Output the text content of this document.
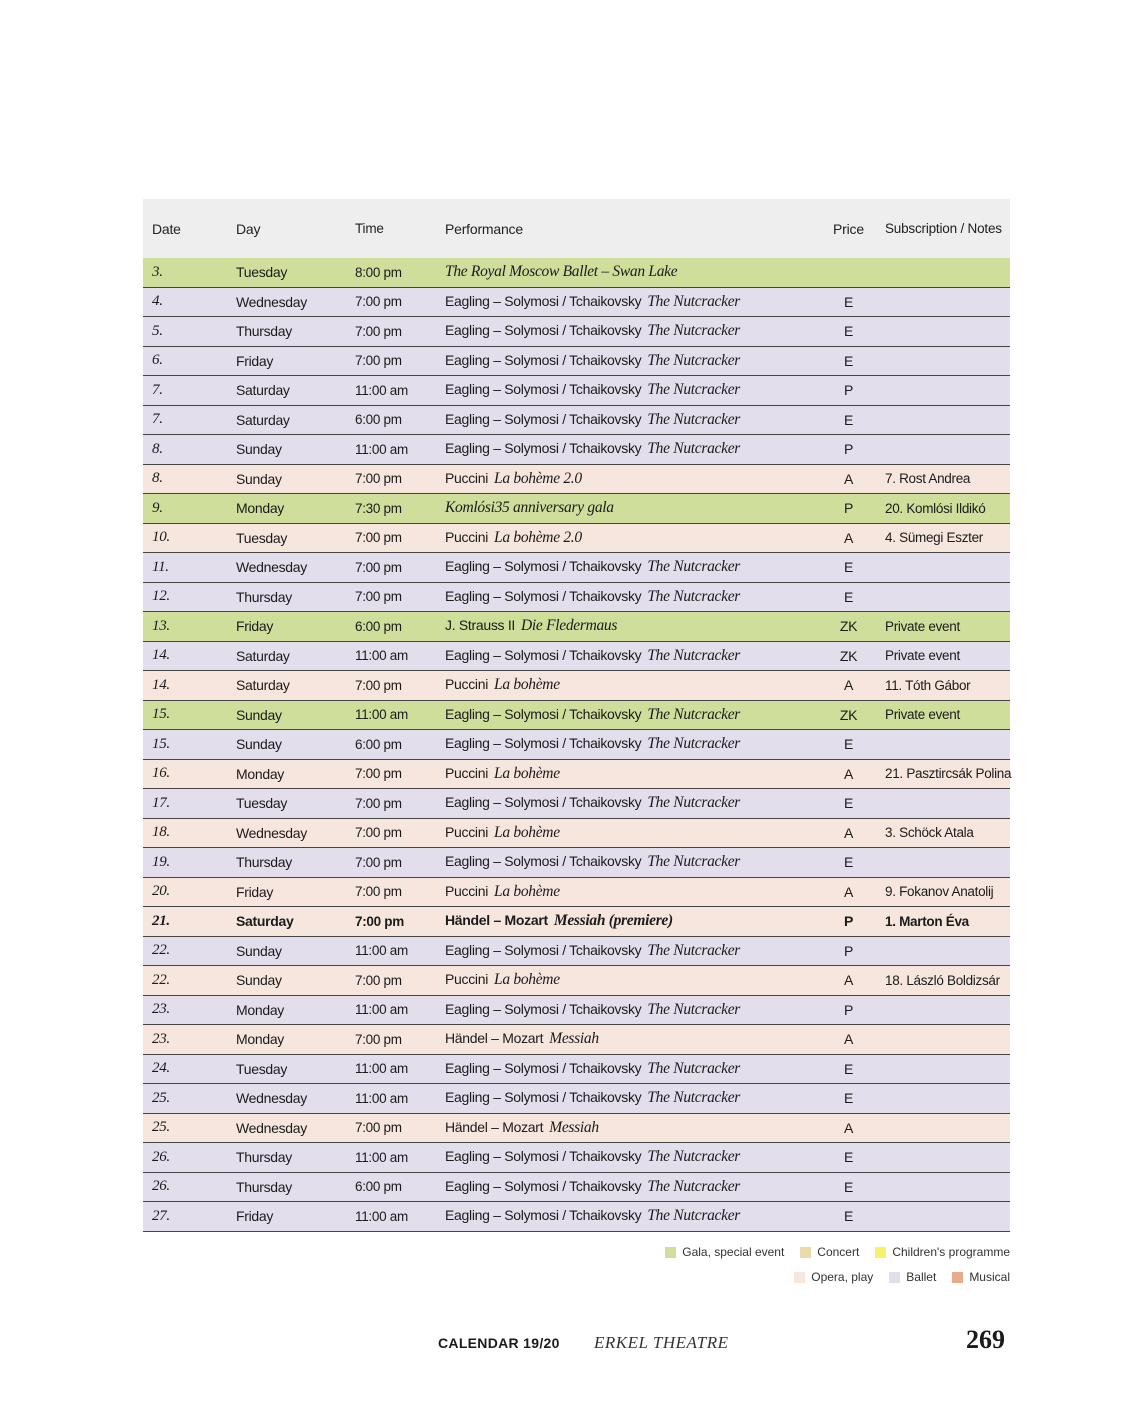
Date	Day	Time	Performance	Price	Subscription / Notes
3.	Tuesday	8:00 pm	The Royal Moscow Ballet – Swan Lake
4.	Wednesday	7:00 pm	Eagling – Solymosi / Tchaikovsky The Nutcracker	E
5.	Thursday	7:00 pm	Eagling – Solymosi / Tchaikovsky The Nutcracker	E
6.	Friday	7:00 pm	Eagling – Solymosi / Tchaikovsky The Nutcracker	E
7.	Saturday	11:00 am	Eagling – Solymosi / Tchaikovsky The Nutcracker	P
7.	Saturday	6:00 pm	Eagling – Solymosi / Tchaikovsky The Nutcracker	E
8.	Sunday	11:00 am	Eagling – Solymosi / Tchaikovsky The Nutcracker	P
8.	Sunday	7:00 pm	Puccini La bohème 2.0	A	7. Rost Andrea
9.	Monday	7:30 pm	Komlósi35 anniversary gala	P	20. Komlósi Ildikó
10.	Tuesday	7:00 pm	Puccini La bohème 2.0	A	4. Sümegi Eszter
11.	Wednesday	7:00 pm	Eagling – Solymosi / Tchaikovsky The Nutcracker	E
12.	Thursday	7:00 pm	Eagling – Solymosi / Tchaikovsky The Nutcracker	E
13.	Friday	6:00 pm	J. Strauss II Die Fledermaus	ZK	Private event
14.	Saturday	11:00 am	Eagling – Solymosi / Tchaikovsky The Nutcracker	ZK	Private event
14.	Saturday	7:00 pm	Puccini La bohème	A	11. Tóth Gábor
15.	Sunday	11:00 am	Eagling – Solymosi / Tchaikovsky The Nutcracker	ZK	Private event
15.	Sunday	6:00 pm	Eagling – Solymosi / Tchaikovsky The Nutcracker	E
16.	Monday	7:00 pm	Puccini La bohème	A	21. Pasztircsák Polina
17.	Tuesday	7:00 pm	Eagling – Solymosi / Tchaikovsky The Nutcracker	E
18.	Wednesday	7:00 pm	Puccini La bohème	A	3. Schöck Atala
19.	Thursday	7:00 pm	Eagling – Solymosi / Tchaikovsky The Nutcracker	E
20.	Friday	7:00 pm	Puccini La bohème	A	9. Fokanov Anatolij
21.	Saturday	7:00 pm	Händel – Mozart Messiah (premiere)	P	1. Marton Éva
22.	Sunday	11:00 am	Eagling – Solymosi / Tchaikovsky The Nutcracker	P
22.	Sunday	7:00 pm	Puccini La bohème	A	18. László Boldizsár
23.	Monday	11:00 am	Eagling – Solymosi / Tchaikovsky The Nutcracker	P
23.	Monday	7:00 pm	Händel – Mozart Messiah	A
24.	Tuesday	11:00 am	Eagling – Solymosi / Tchaikovsky The Nutcracker	E
25.	Wednesday	11:00 am	Eagling – Solymosi / Tchaikovsky The Nutcracker	E
25.	Wednesday	7:00 pm	Händel – Mozart Messiah	A
26.	Thursday	11:00 am	Eagling – Solymosi / Tchaikovsky The Nutcracker	E
26.	Thursday	6:00 pm	Eagling – Solymosi / Tchaikovsky The Nutcracker	E
27.	Friday	11:00 am	Eagling – Solymosi / Tchaikovsky The Nutcracker	E
Gala, special event	Concert	Children's programme
Opera, play	Ballet	Musical
CALENDAR 19/20 ERKEL THEATRE	269
